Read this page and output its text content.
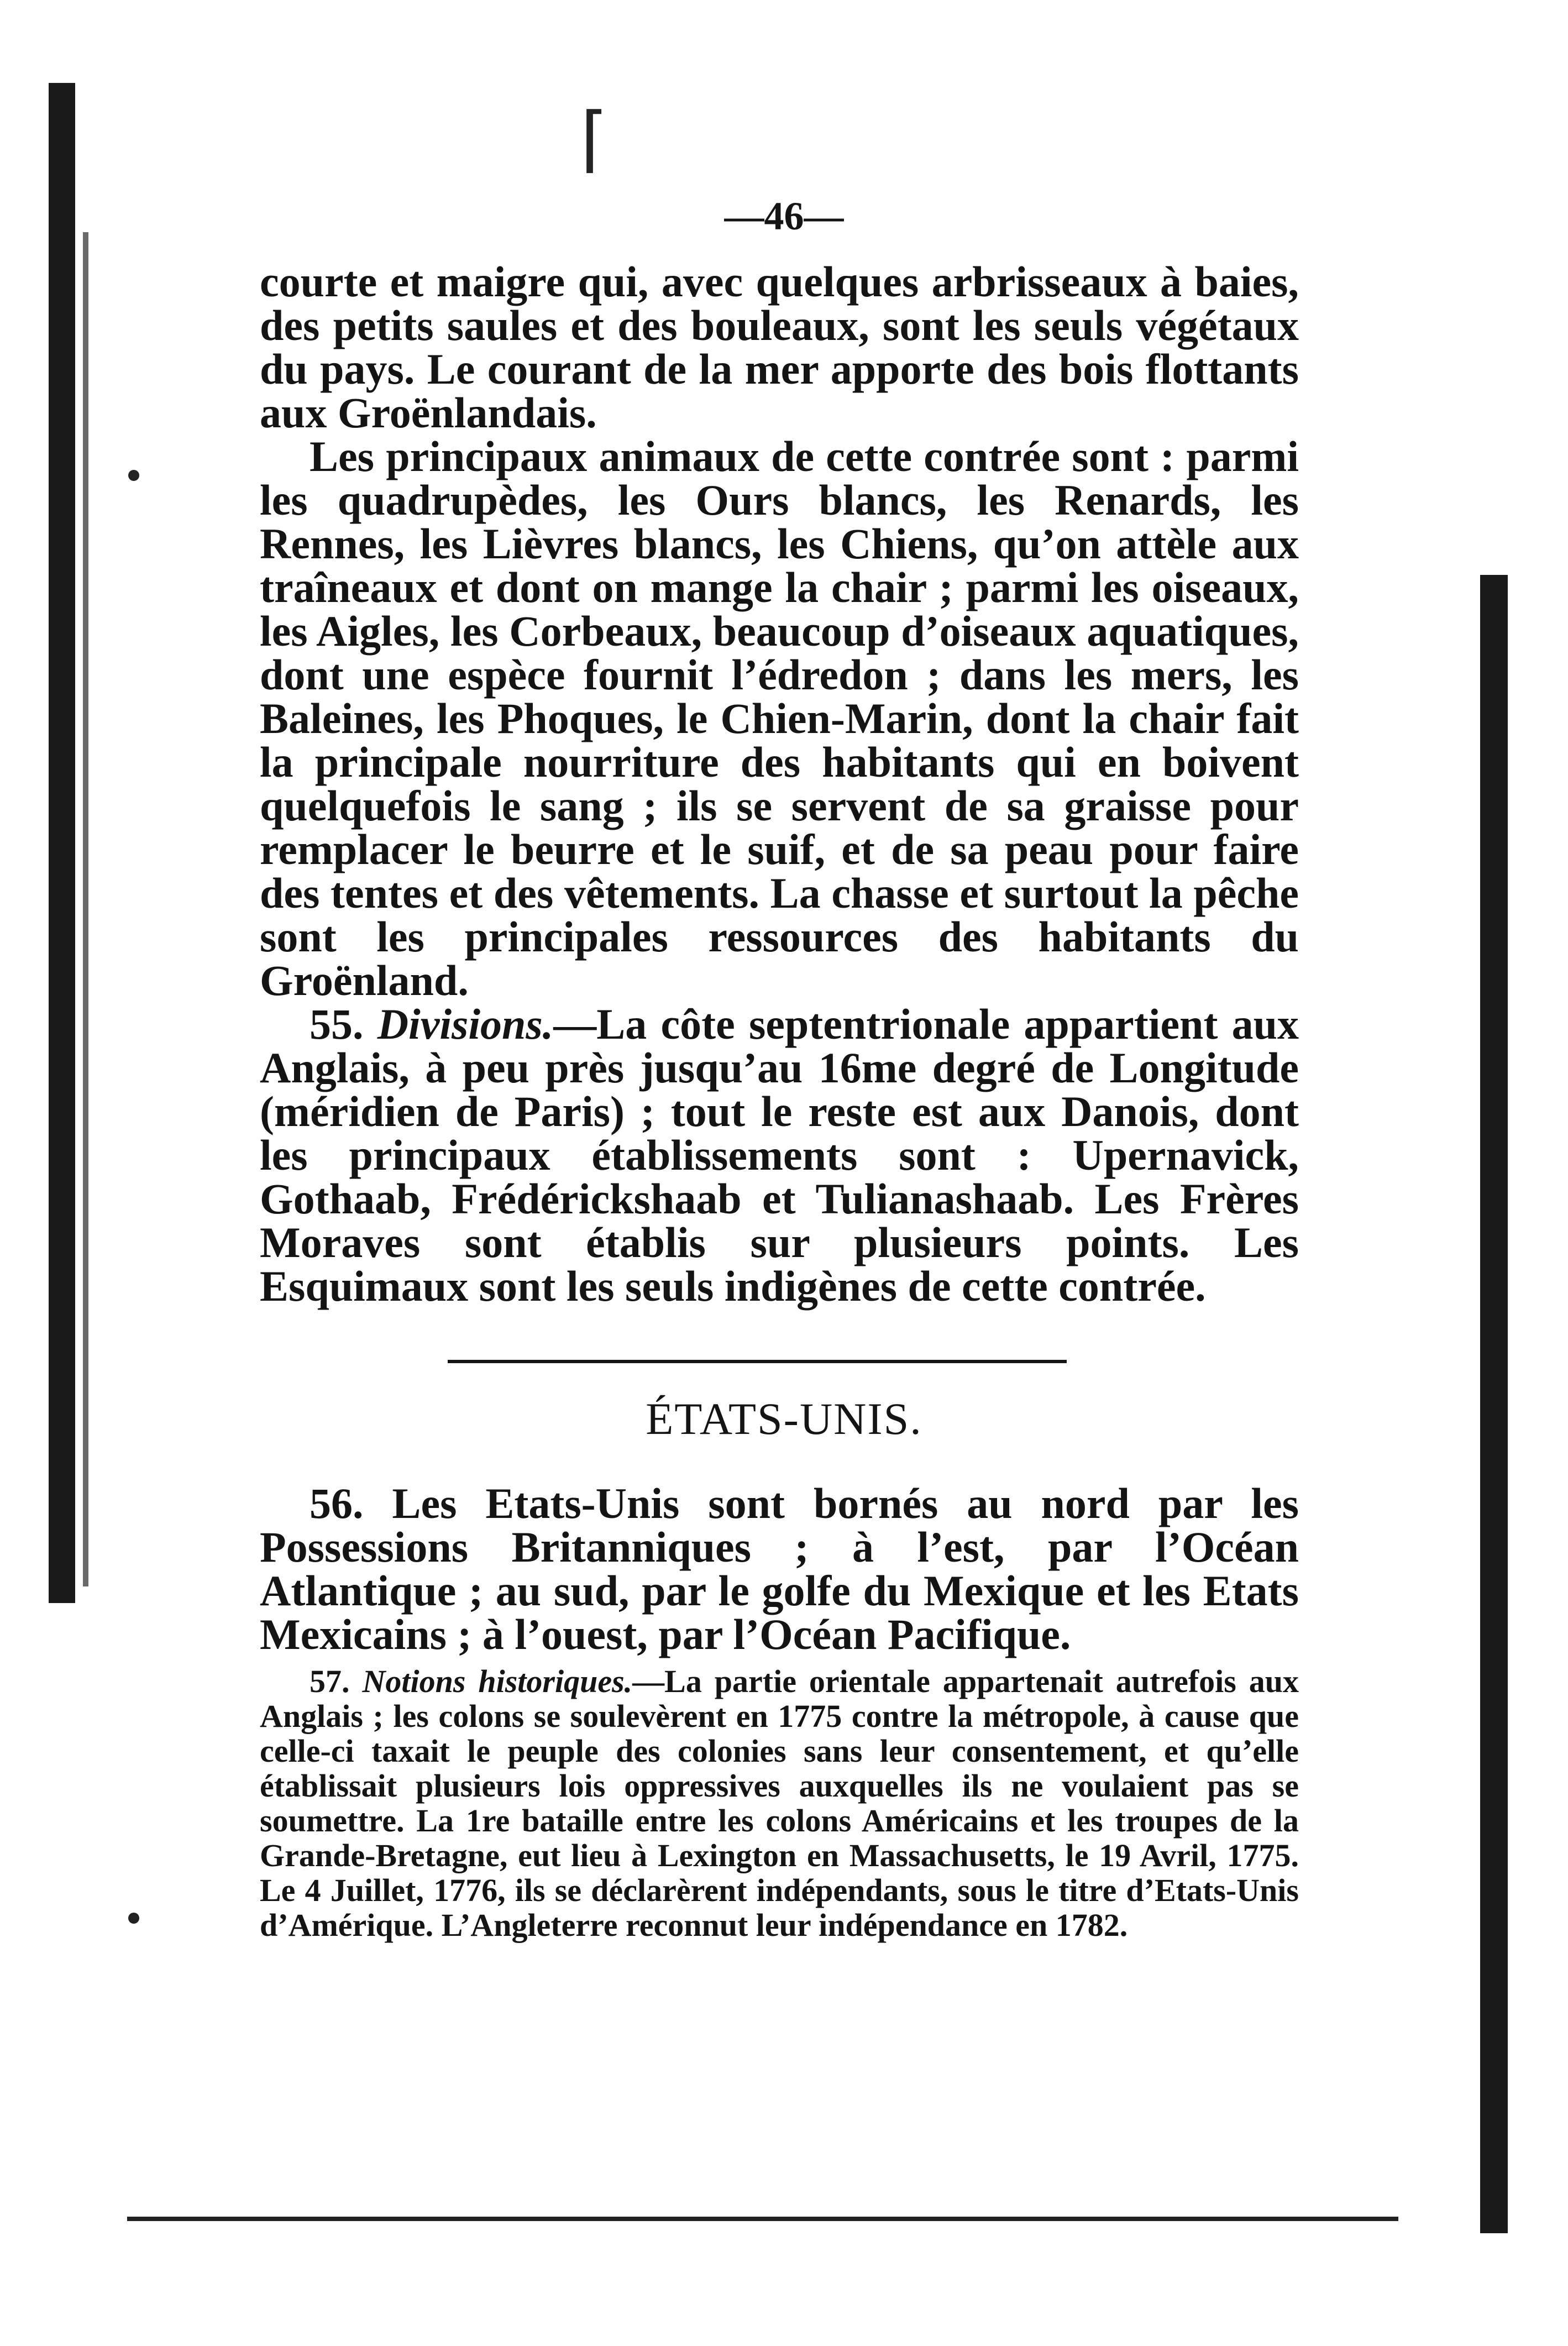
⌈
—46—

courte et maigre qui, avec quelques arbrisseaux à baies, des petits saules et des bouleaux, sont les seuls végétaux du pays. Le courant de la mer apporte des bois flottants aux Groënlandais.

Les principaux animaux de cette contrée sont : parmi les quadrupèdes, les Ours blancs, les Renards, les Rennes, les Lièvres blancs, les Chiens, qu’on attèle aux traîneaux et dont on mange la chair ; parmi les oiseaux, les Aigles, les Corbeaux, beaucoup d’oiseaux aquatiques, dont une espèce fournit l’édredon ; dans les mers, les Baleines, les Phoques, le Chien-Marin, dont la chair fait la principale nourriture des habitants qui en boivent quelquefois le sang ; ils se servent de sa graisse pour remplacer le beurre et le suif, et de sa peau pour faire des tentes et des vêtements. La chasse et surtout la pêche sont les principales ressources des habitants du Groënland.

55. Divisions.—La côte septentrionale appartient aux Anglais, à peu près jusqu’au 16me degré de Longitude (méridien de Paris) ; tout le reste est aux Danois, dont les principaux établissements sont : Upernavick, Gothaab, Frédérickshaab et Tulianashaab. Les Frères Moraves sont établis sur plusieurs points. Les Esquimaux sont les seuls indigènes de cette contrée.

ÉTATS-UNIS.

56. Les Etats-Unis sont bornés au nord par les Possessions Britanniques ; à l’est, par l’Océan Atlantique ; au sud, par le golfe du Mexique et les Etats Mexicains ; à l’ouest, par l’Océan Pacifique.

57. Notions historiques.—La partie orientale appartenait autrefois aux Anglais ; les colons se soulevèrent en 1775 contre la métropole, à cause que celle-ci taxait le peuple des colonies sans leur consentement, et qu’elle établissait plusieurs lois oppressives auxquelles ils ne voulaient pas se soumettre. La 1re bataille entre les colons Américains et les troupes de la Grande-Bretagne, eut lieu à Lexington en Massachusetts, le 19 Avril, 1775. Le 4 Juillet, 1776, ils se déclarèrent indépendants, sous le titre d’Etats-Unis d’Amérique. L’Angleterre reconnut leur indépendance en 1782.
